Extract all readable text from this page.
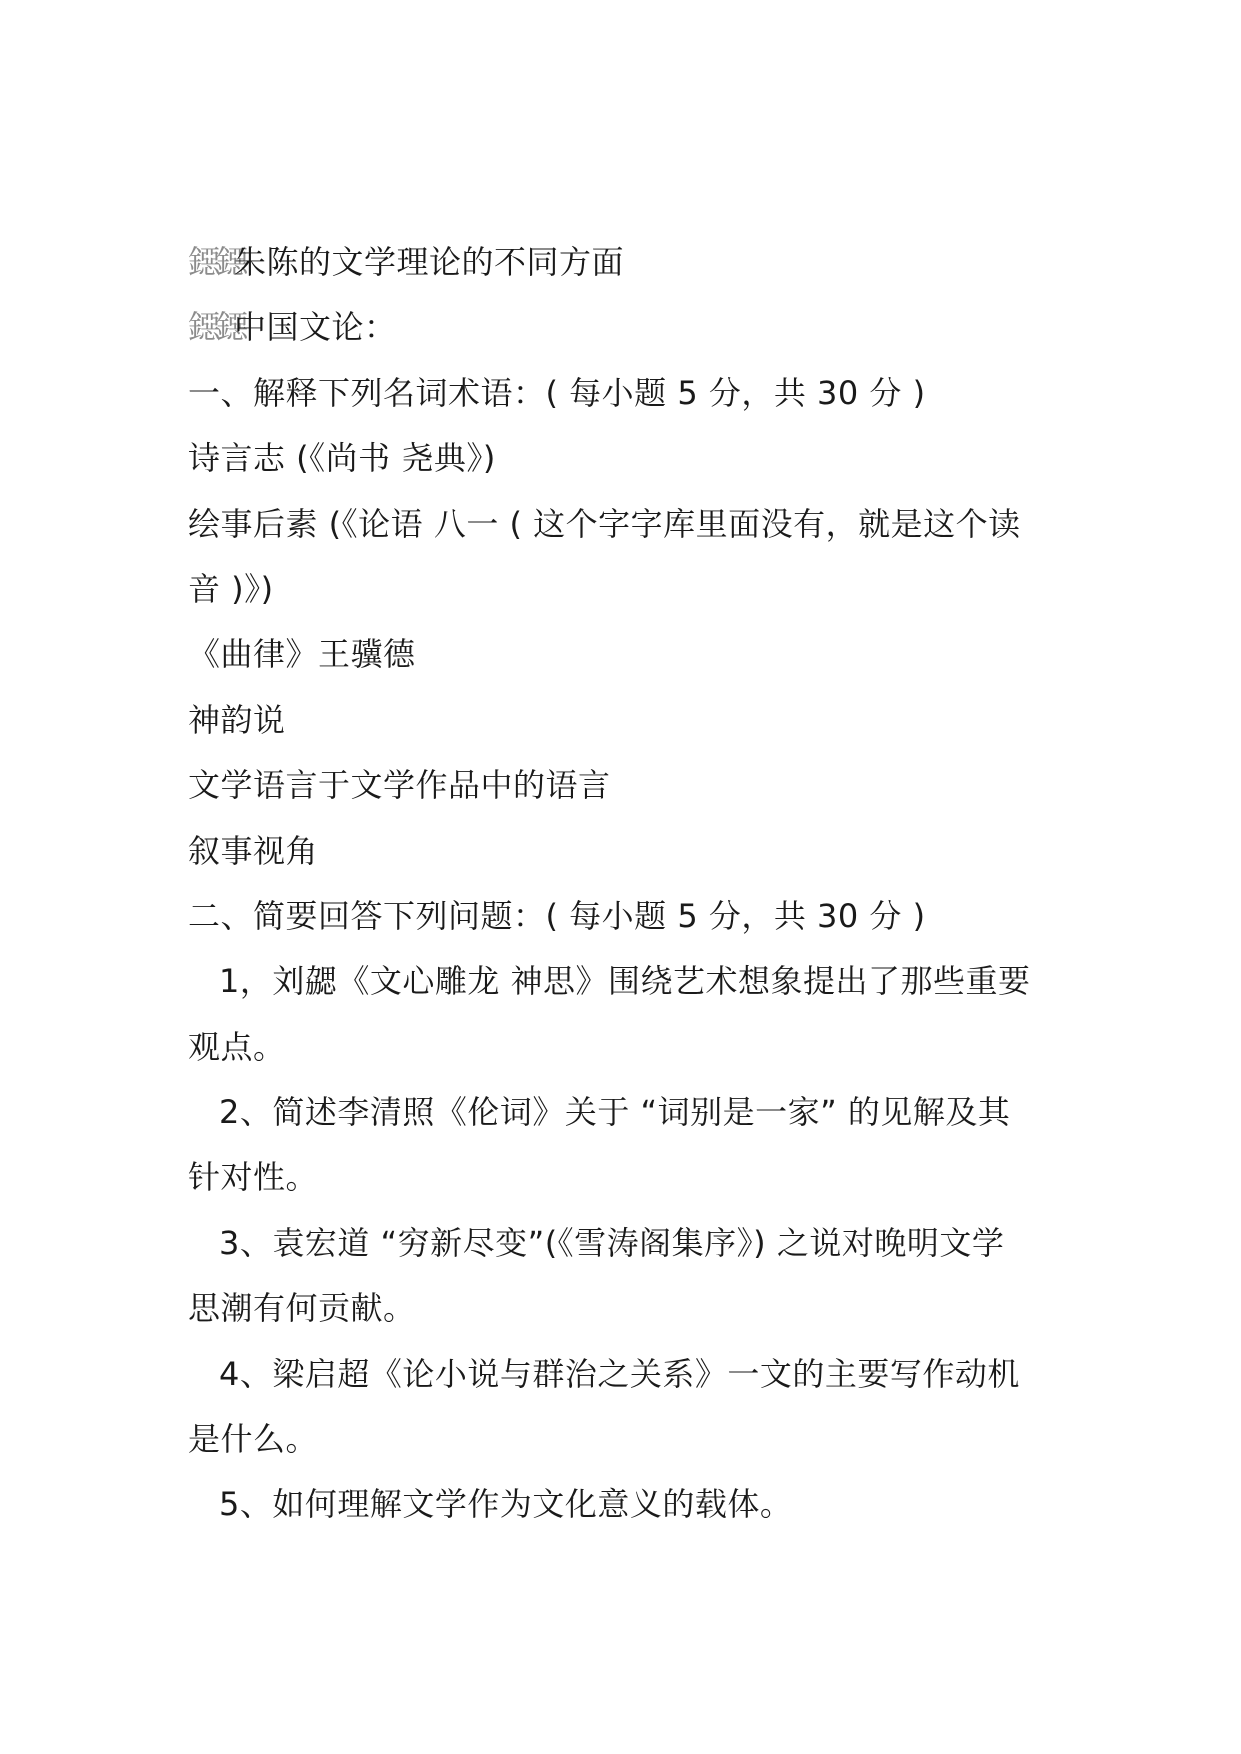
鐚鐚朱陈的文学理论的不同方面
鐚鐚中国文论：
一、解释下列名词术语：( 每小题 5 分，共 30 分 )
诗言志 (《尚书 尧典》)
绘事后素 (《论语 八一 ( 这个字字库里面没有，就是这个读
音 )》)
《曲律》王骥德
神韵说
文学语言于文学作品中的语言
叙事视角
二、简要回答下列问题：( 每小题 5 分，共 30 分 )
1，刘勰《文心雕龙 神思》围绕艺术想象提出了那些重要
观点。
2、简述李清照《伦词》关于 “词别是一家” 的见解及其
针对性。
3、袁宏道 “穷新尽变”(《雪涛阁集序》) 之说对晚明文学
思潮有何贡献。
4、梁启超《论小说与群治之关系》一文的主要写作动机
是什么。
5、如何理解文学作为文化意义的载体。
